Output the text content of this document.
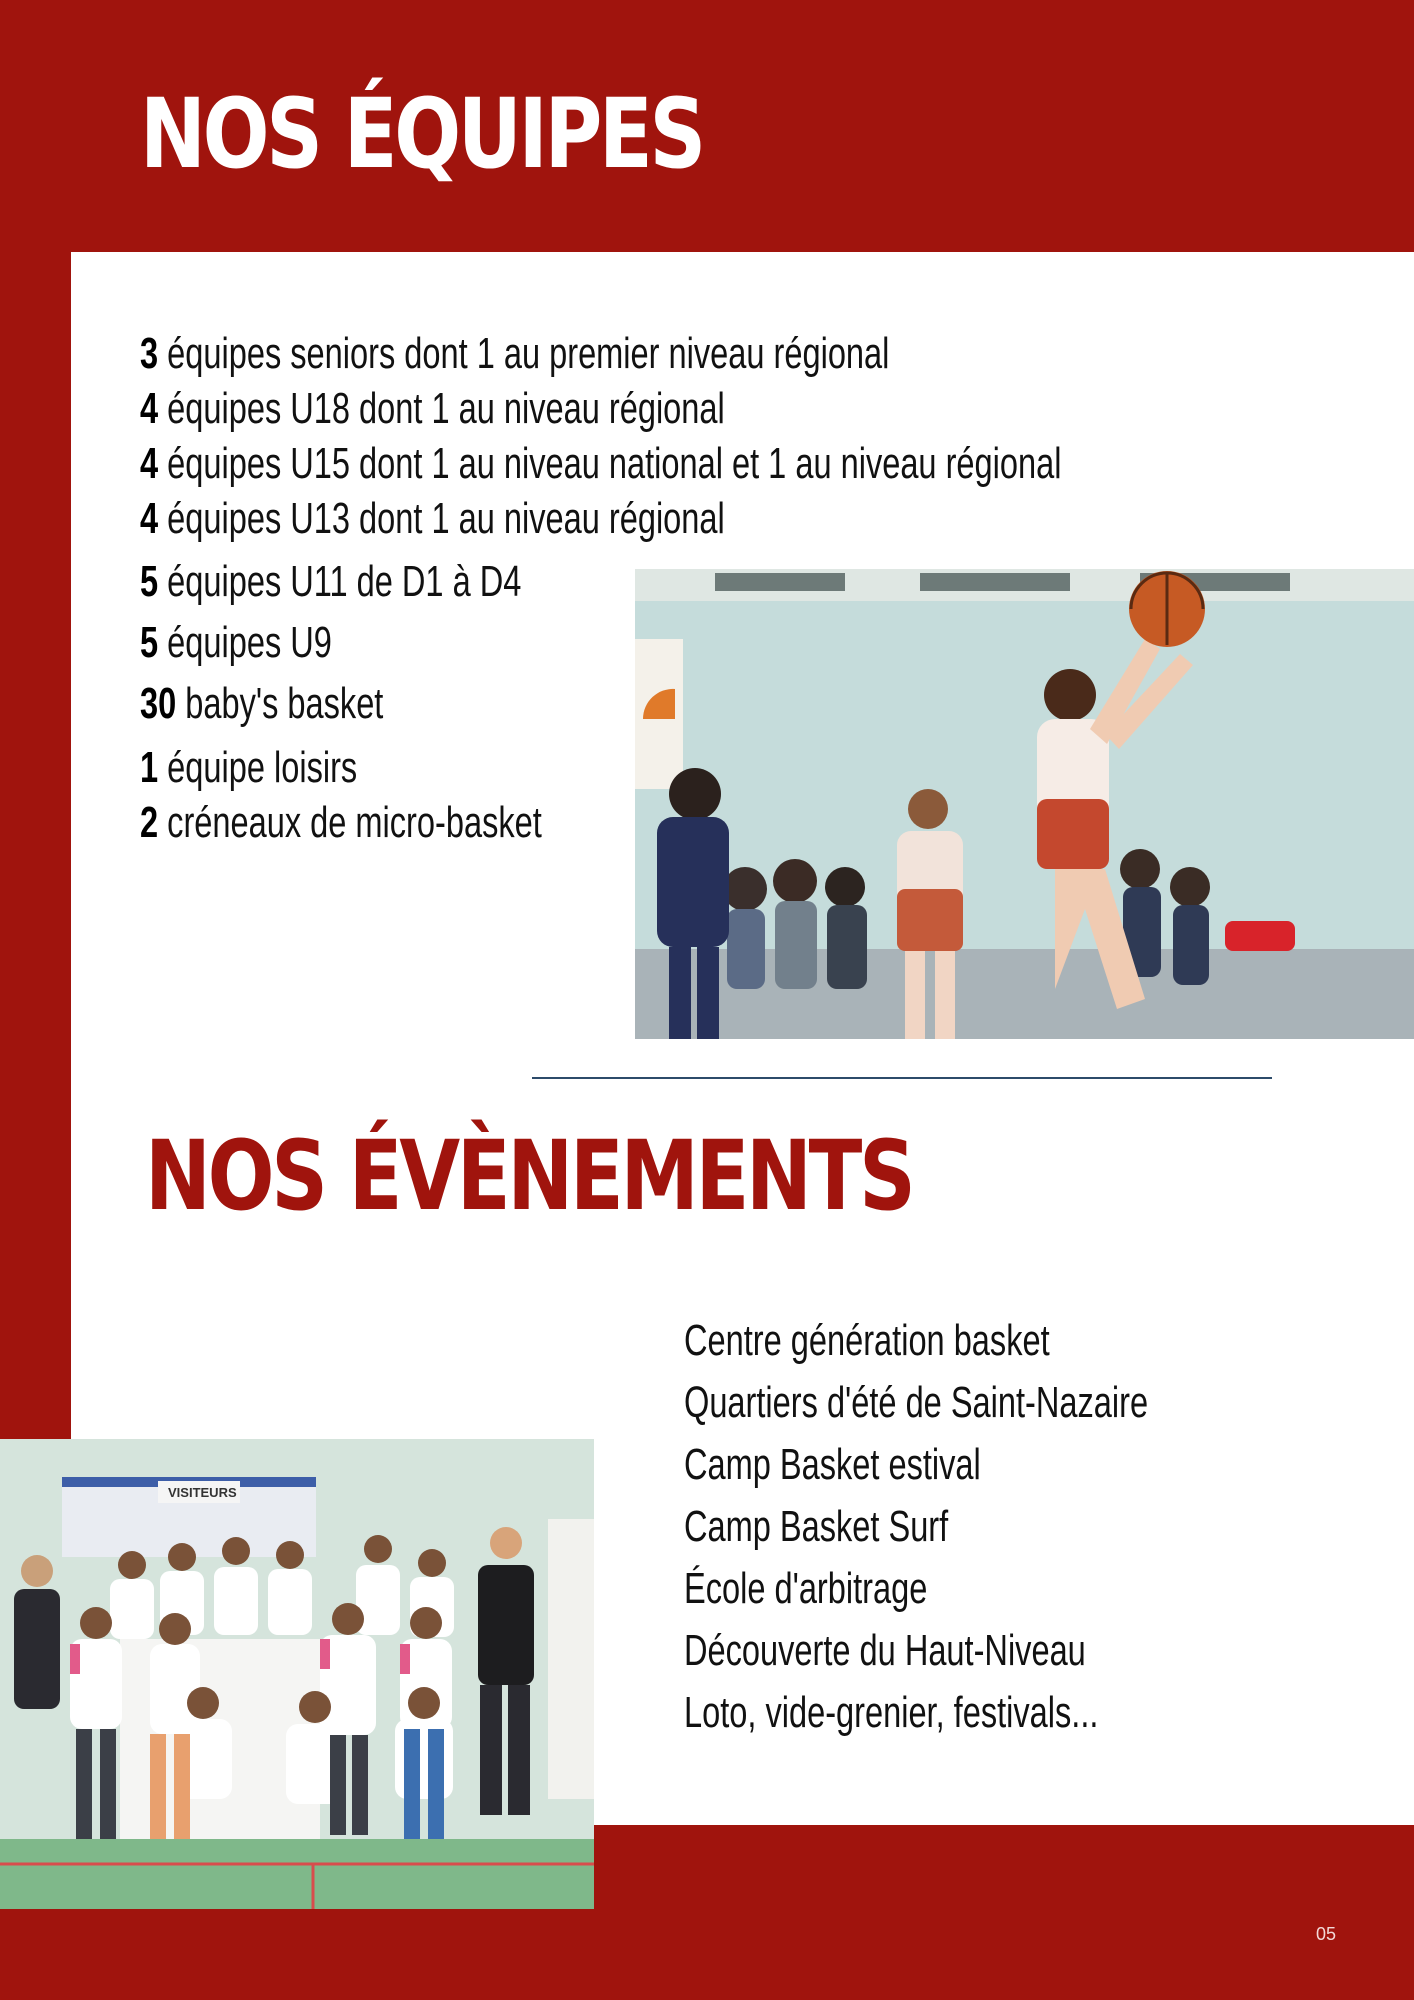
NOS ÉQUIPES
3 équipes seniors dont 1 au premier niveau régional
4 équipes U18 dont 1 au niveau régional
4 équipes U15 dont 1 au niveau national et 1 au niveau régional
4 équipes U13 dont 1 au niveau régional
5 équipes U11 de D1 à D4
5 équipes U9
30 baby's basket
1 équipe loisirs
2 créneaux de micro-basket
NOS ÉVÈNEMENTS
Centre génération basket
Quartiers d'été de Saint-Nazaire
Camp Basket estival
Camp Basket Surf
École d'arbitrage
Découverte du Haut-Niveau
Loto, vide-grenier, festivals...
VISITEURS
05
